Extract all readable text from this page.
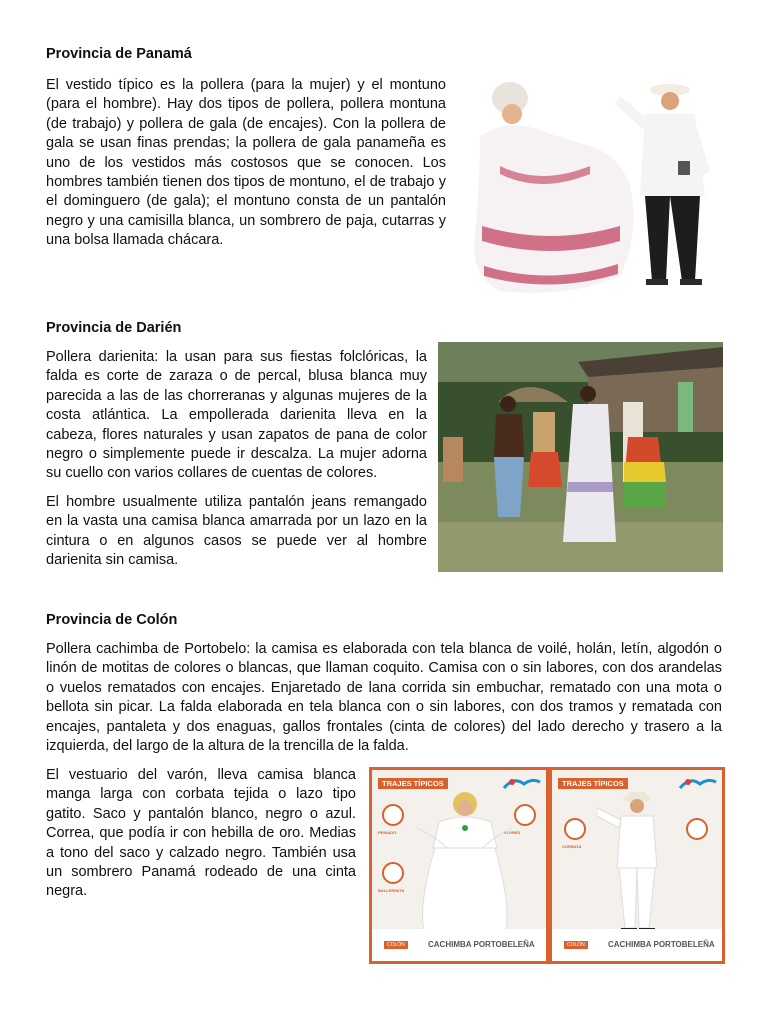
Provincia de Panamá

El vestido típico es la pollera (para la mujer) y el montuno (para el hombre). Hay dos tipos de pollera, pollera montuna (de trabajo) y pollera de gala (de encajes). Con la pollera de gala se usan finas prendas; la pollera de gala panameña es uno de los vestidos más costosos que se conocen. Los hombres también tienen dos tipos de montuno, el de trabajo y el dominguero (de gala); el montuno consta de un pantalón negro y una camisilla blanca, un sombrero de paja, cutarras y una bolsa llamada chácara.

Provincia de Darién

Pollera darienita: la usan para sus fiestas folclóricas, la falda es corte de zaraza o de percal, blusa blanca muy parecida a las de las chorreranas y algunas mujeres de la costa atlántica. La empollerada darienita lleva en la cabeza, flores naturales y usan zapatos de pana de color negro o simplemente puede ir descalza. La mujer adorna su cuello con varios collares de cuentas de colores.

El hombre usualmente utiliza pantalón jeans remangado en la vasta una camisa blanca amarrada por un lazo en la cintura o en algunos casos se puede ver al hombre darienita sin camisa.

Provincia de Colón

Pollera cachimba de Portobelo: la camisa es elaborada con tela blanca de voilé, holán, letín, algodón o linón de motitas de colores o blancas, que llaman coquito. Camisa con o sin labores, con dos arandelas o vuelos rematados con encajes. Enjaretado de lana corrida sin embuchar, rematado con una mota o bellota sin picar. La falda elaborada en tela blanca con o sin labores, con dos tramos y rematada con encajes, pantaleta y dos enaguas, gallos frontales (cinta de colores) del lado derecho y trasero a la izquierda, del largo de la altura de la trencilla de la falda.

El vestuario del varón, lleva camisa blanca manga larga con corbata tejida o lazo tipo gatito. Saco y pantalón blanco, negro o azul. Correa, que podía ir con hebilla de oro. Medias a tono del saco y calzado negro. También usa un sombrero Panamá rodeado de una cinta negra.

TRAJES TÍPICOS
PEINADO	FLORES
BALLERINITA
COLÓN	CACHIMBA PORTOBELEÑA
TRAJES TÍPICOS
CORBATA
COLÓN	CACHIMBA PORTOBELEÑA
